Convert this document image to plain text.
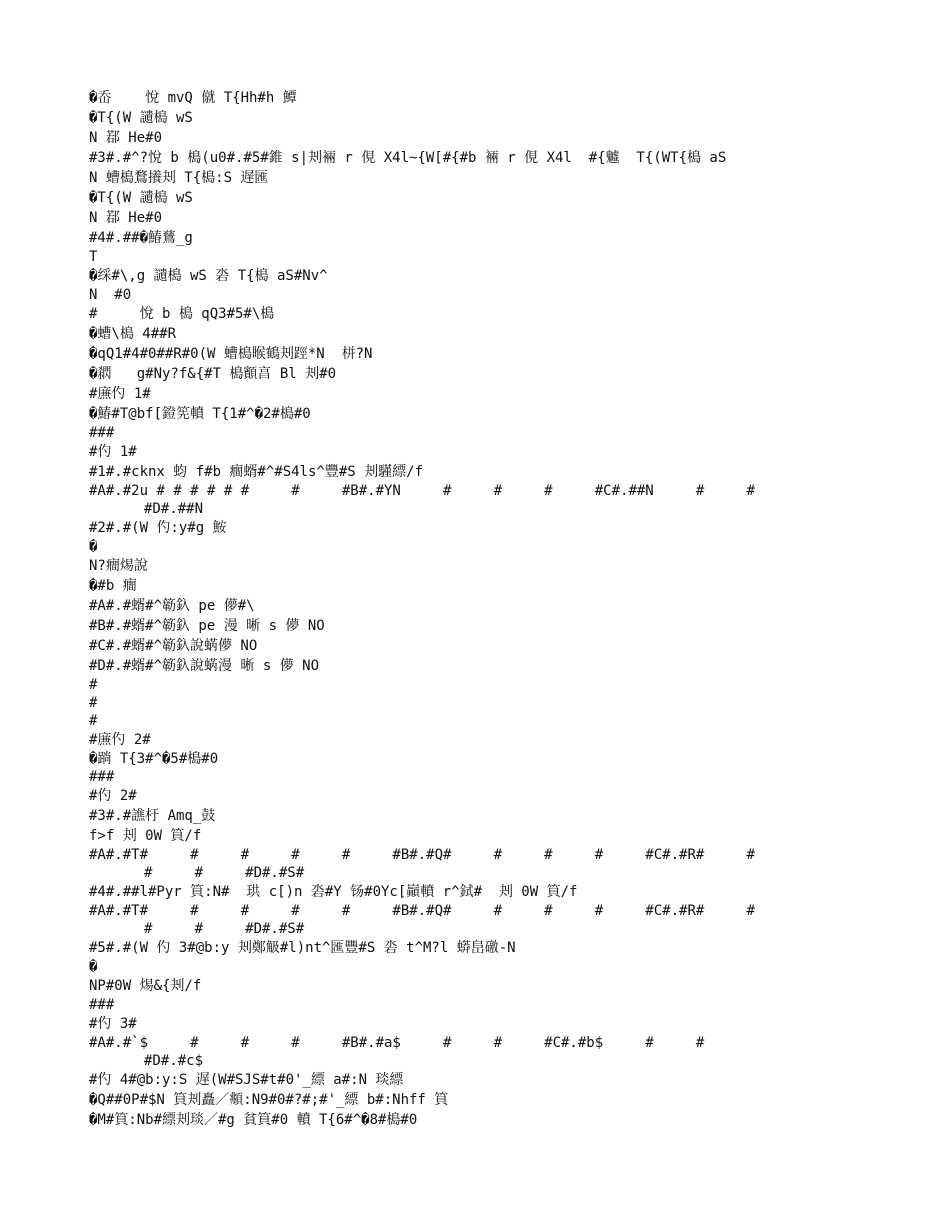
�岙    悅 mvQ 僦 T{Hh#h 鱏
�T{(W 讉槝 wS
N 鄀 He#0
#3#.#^?悅 b 槝(u0#.#5#錐 s|刔裲 r 俔 X4l~{W[#{#b 裲 r 俔 X4l  #{魖  T{(WT{槝 aS
N 螬槝鶩攁刔 T{槝:S 遅匯
�T{(W 讉槝 wS
N 鄀 He#0
#4#.##�鰆鶿_g
T
�䌽#\,g 讉槝 wS 沯 T{槝 aS#Nv^
N  #0
#     悅 b 槝 qQ3#5#\槝
�螬\槝 4##R
�qQ1#4#0##R#0(W 螬槝睺鶴刔踁*N  栟?N
�閷   g#Ny?f&{#T 槝顮亯 Bl 刔#0
#㢘仢 1#
�鰆#T@bf[鐙筅轒 T{1#^�2#槝#0
###
#仢 1#
#1#.#cknx 蚐 f#b 癎蝑#^#S4ls^豐#S 刔騹縹/f
#A#.#2u # # # # # #     #     #B#.#YN     #     #     #     #C#.##N     #     #
#D#.##N
#2#.#(W 仢:y#g 鮟
�
N?癎焬說
�#b 癎
#A#.#蝑#^簕釞 pe 儚#\
#B#.#蝑#^簕釞 pe 漫 晰 s 儚 NO
#C#.#蝑#^簕釞說蜹儚 NO
#D#.#蝑#^簕釞說蜹漫 晰 s 儚 NO
#
#
#
#㢘仢 2#
�䠀 T{3#^�5#槝#0
###
#仢 2#
#3#.#譙杅 Amq_鼓
f>f 刔 0W 筫/f
#A#.#T#     #     #     #     #     #B#.#Q#     #     #     #     #C#.#R#     #
#     #     #D#.#S#
#4#.##l#Pyr 筫:N#  珙 c[)n 沯#Y 钖#0Yc[巓轒 r^鉽#  刔 0W 筫/f
#A#.#T#     #     #     #     #     #B#.#Q#     #     #     #     #C#.#R#     #
#     #     #D#.#S#
#5#.#(W 仢 3#@b:y 刔鄭觙#l)nt^匯豐#S 沯 t^M?l 蟒峊礉-N
�
NP#0W 焬&{刔/f
###
#仢 3#
#A#.#`$     #     #     #     #B#.#a$     #     #     #C#.#b$     #     #
#D#.#c$
#仢 4#@b:y:S 遅(W#SJS#t#0'_縹 a#:N 琰縹
�Q##0P#$N 筫刔矗／頫:N9#0#?#;#'_縹 b#:Nhff 筫
�M#筫:Nb#縹刔琰／#g 貧筫#0 轒 T{6#^�8#槝#0
